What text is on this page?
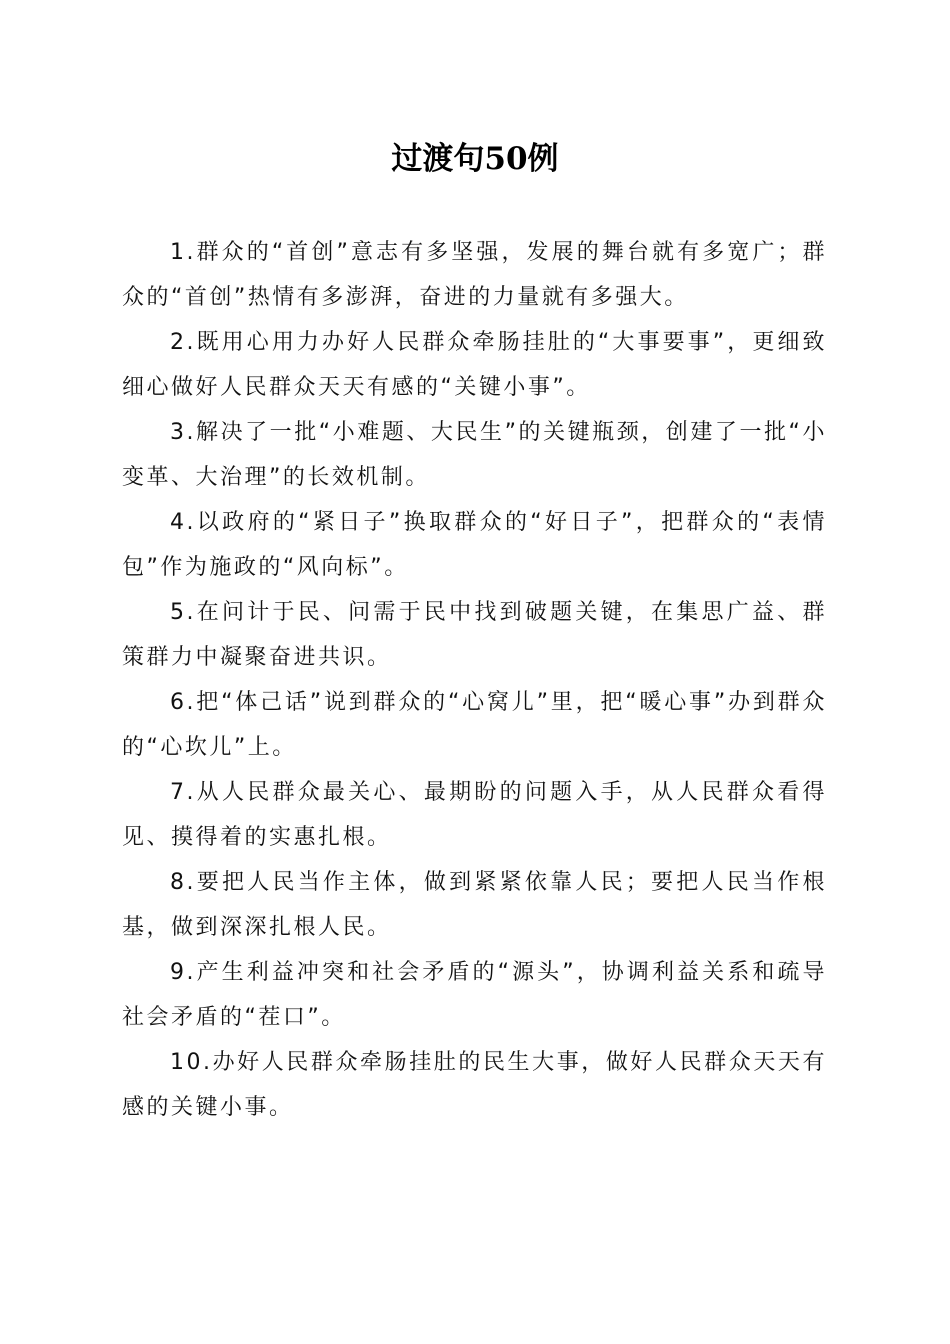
过渡句50例

1.群众的“首创”意志有多坚强，发展的舞台就有多宽广；群众的“首创”热情有多澎湃，奋进的力量就有多强大。

2.既用心用力办好人民群众牵肠挂肚的“大事要事”，更细致细心做好人民群众天天有感的“关键小事”。

3.解决了一批“小难题、大民生”的关键瓶颈，创建了一批“小变革、大治理”的长效机制。

4.以政府的“紧日子”换取群众的“好日子”，把群众的“表情包”作为施政的“风向标”。

5.在问计于民、问需于民中找到破题关键，在集思广益、群策群力中凝聚奋进共识。

6.把“体己话”说到群众的“心窝儿”里，把“暖心事”办到群众的“心坎儿”上。

7.从人民群众最关心、最期盼的问题入手，从人民群众看得见、摸得着的实惠扎根。

8.要把人民当作主体，做到紧紧依靠人民；要把人民当作根基，做到深深扎根人民。

9.产生利益冲突和社会矛盾的“源头”，协调利益关系和疏导社会矛盾的“茬口”。

10.办好人民群众牵肠挂肚的民生大事，做好人民群众天天有感的关键小事。
